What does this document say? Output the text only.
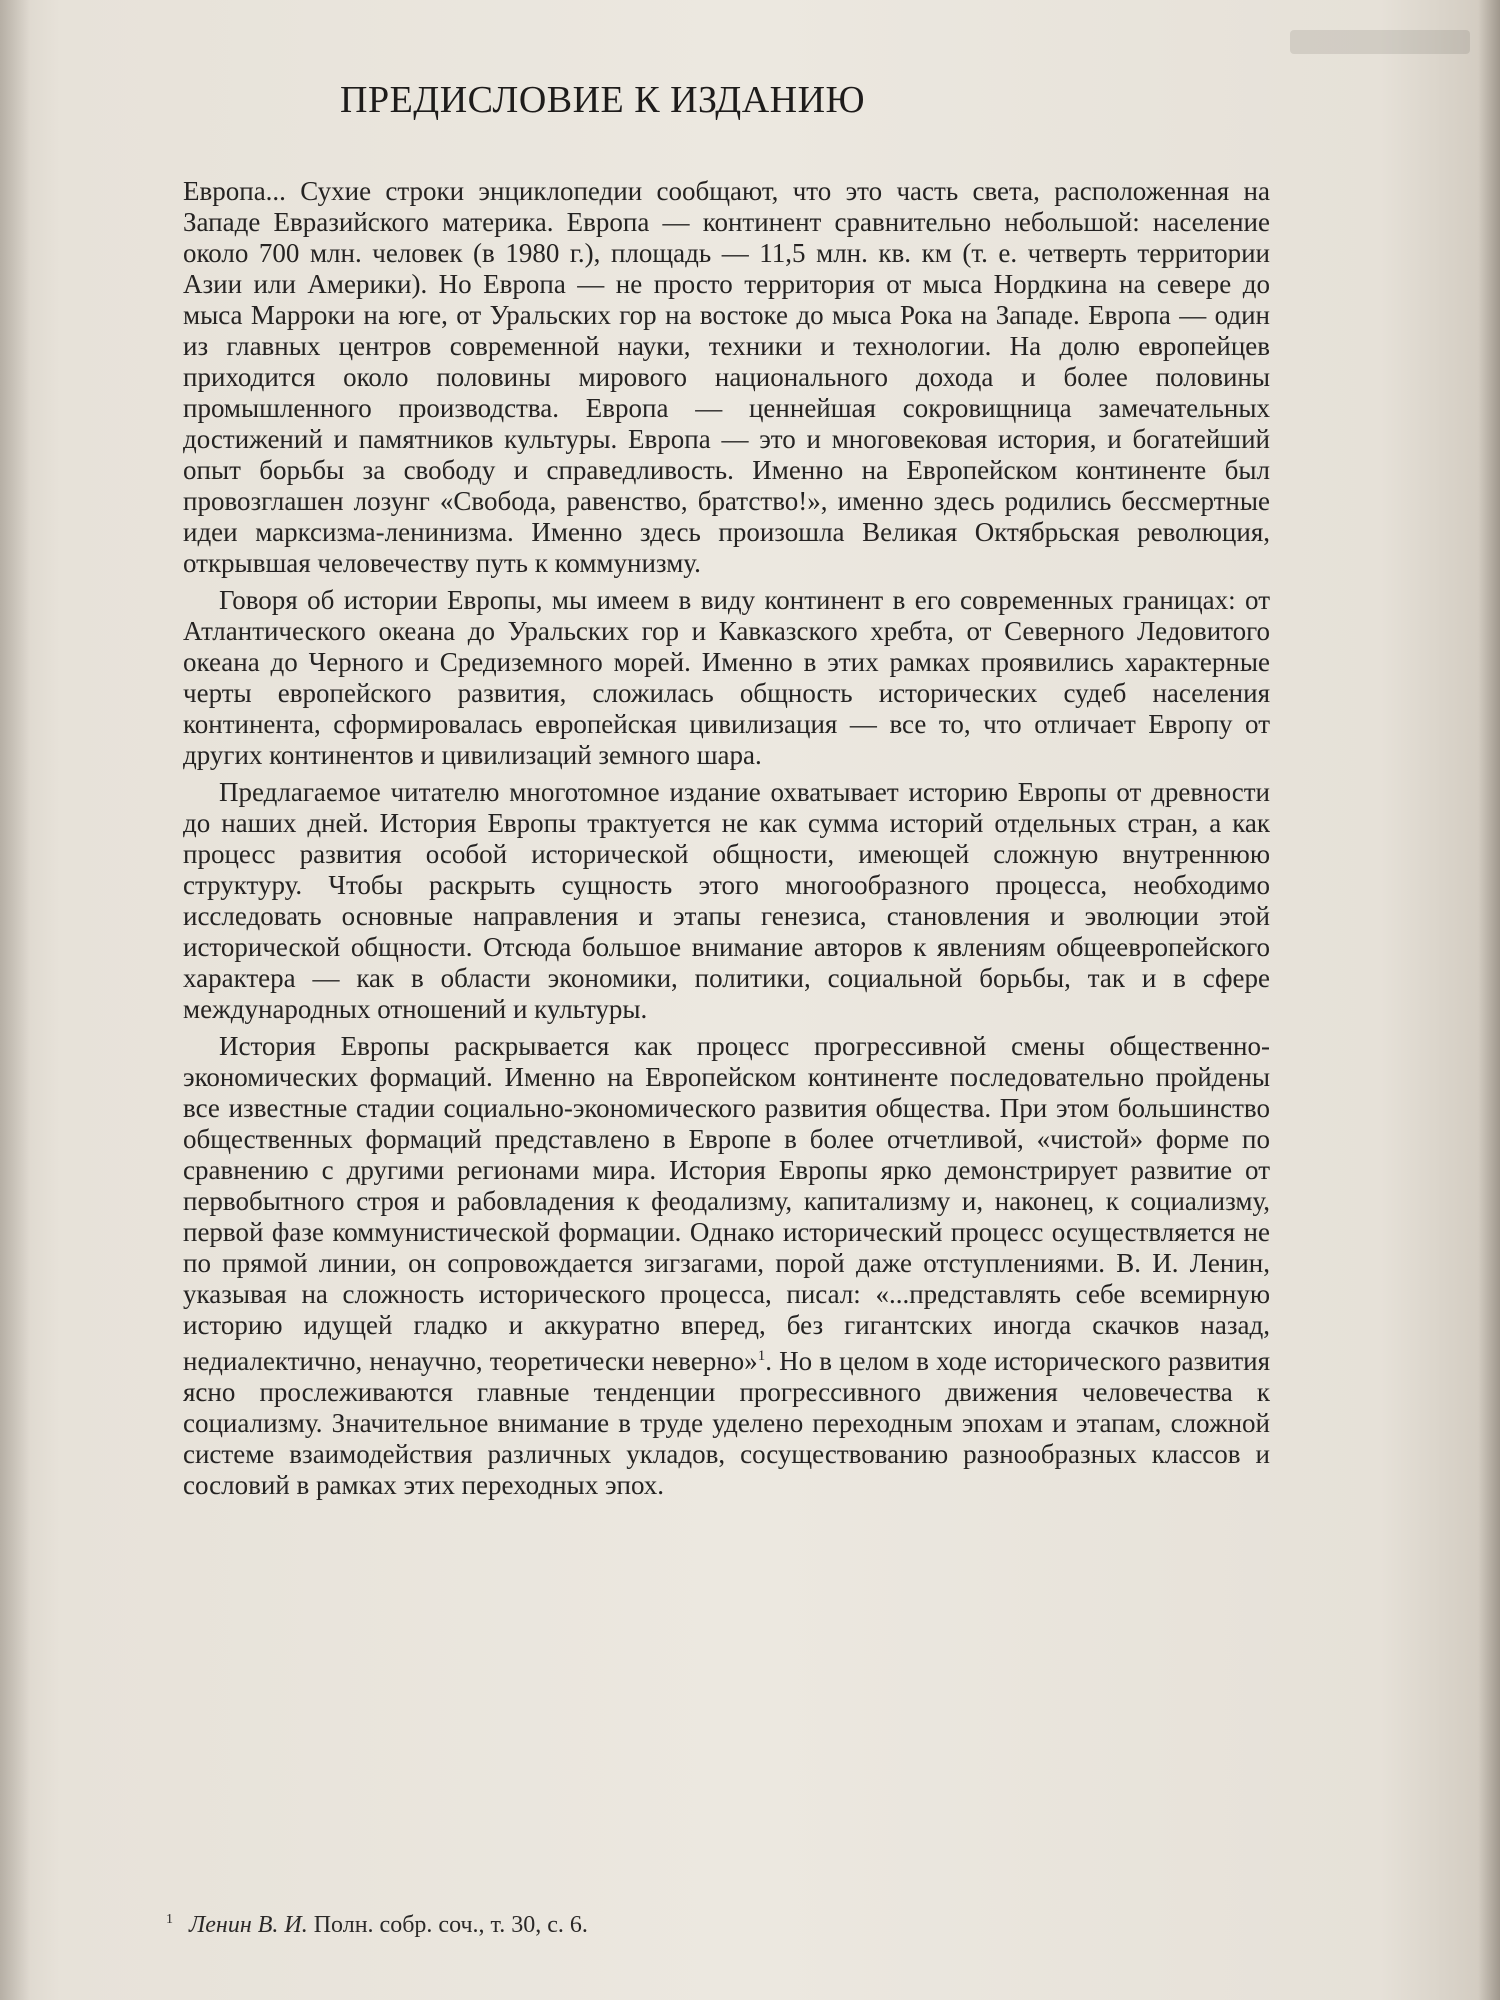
ПРЕДИСЛОВИЕ К ИЗДАНИЮ

Европа... Сухие строки энциклопедии сообщают, что это часть света, расположенная на Западе Евразийского материка. Европа — континент сравнительно небольшой: население около 700 млн. человек (в 1980 г.), площадь — 11,5 млн. кв. км (т. е. четверть территории Азии или Америки). Но Европа — не просто территория от мыса Нордкина на севере до мыса Марроки на юге, от Уральских гор на востоке до мыса Рока на Западе. Европа — один из главных центров современной науки, техники и технологии. На долю европейцев приходится около половины мирового национального дохода и более половины промышленного производства. Европа — ценнейшая сокровищница замечательных достижений и памятников культуры. Европа — это и многовековая история, и богатейший опыт борьбы за свободу и справедливость. Именно на Европейском континенте был провозглашен лозунг «Свобода, равенство, братство!», именно здесь родились бессмертные идеи марксизма-ленинизма. Именно здесь произошла Великая Октябрьская революция, открывшая человечеству путь к коммунизму.

Говоря об истории Европы, мы имеем в виду континент в его современных границах: от Атлантического океана до Уральских гор и Кавказского хребта, от Северного Ледовитого океана до Черного и Средиземного морей. Именно в этих рамках проявились характерные черты европейского развития, сложилась общность исторических судеб населения континента, сформировалась европейская цивилизация — все то, что отличает Европу от других континентов и цивилизаций земного шара.

Предлагаемое читателю многотомное издание охватывает историю Европы от древности до наших дней. История Европы трактуется не как сумма историй отдельных стран, а как процесс развития особой исторической общности, имеющей сложную внутреннюю структуру. Чтобы раскрыть сущность этого многообразного процесса, необходимо исследовать основные направления и этапы генезиса, становления и эволюции этой исторической общности. Отсюда большое внимание авторов к явлениям общеевропейского характера — как в области экономики, политики, социальной борьбы, так и в сфере международных отношений и культуры.

История Европы раскрывается как процесс прогрессивной смены общественно-экономических формаций. Именно на Европейском континенте последовательно пройдены все известные стадии социально-экономического развития общества. При этом большинство общественных формаций представлено в Европе в более отчетливой, «чистой» форме по сравнению с другими регионами мира. История Европы ярко демонстрирует развитие от первобытного строя и рабовладения к феодализму, капитализму и, наконец, к социализму, первой фазе коммунистической формации. Однако исторический процесс осуществляется не по прямой линии, он сопровождается зигзагами, порой даже отступлениями. В. И. Ленин, указывая на сложность исторического процесса, писал: «...представлять себе всемирную историю идущей гладко и аккуратно вперед, без гигантских иногда скачков назад, недиалектично, ненаучно, теоретически неверно»$^1$. Но в целом в ходе исторического развития ясно прослеживаются главные тенденции прогрессивного движения человечества к социализму. Значительное внимание в труде уделено переходным эпохам и этапам, сложной системе взаимодействия различных укладов, сосуществованию разнообразных классов и сословий в рамках этих переходных эпох.

$^1$ Ленин В. И. Полн. собр. соч., т. 30, с. 6.
